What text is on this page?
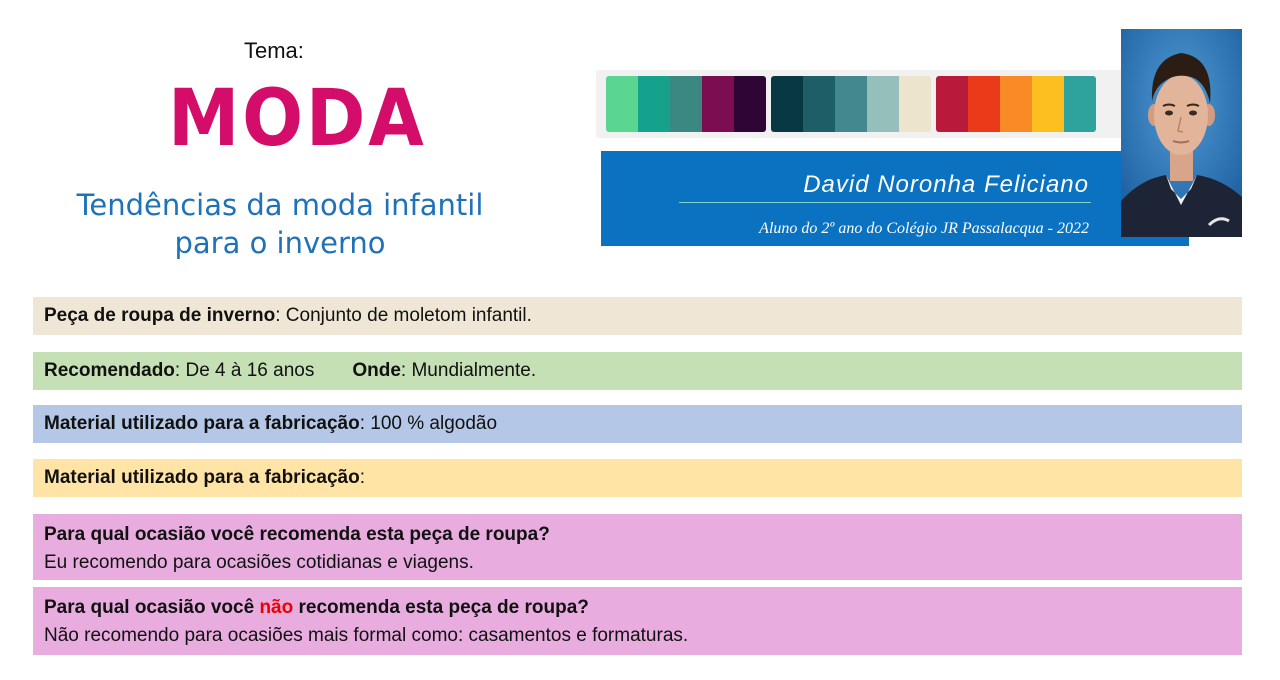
Tema:
MODA
Tendências da moda infantil
para o inverno
David Noronha Feliciano
Aluno do 2º ano do Colégio JR Passalacqua - 2022
Peça de roupa de inverno: Conjunto de moletom infantil.
Recomendado: De 4 à 16 anos Onde: Mundialmente.
Material utilizado para a fabricação: 100 % algodão
Material utilizado para a fabricação:
Para qual ocasião você recomenda esta peça de roupa?
Eu recomendo para ocasiões cotidianas e viagens.
Para qual ocasião você não recomenda esta peça de roupa?
Não recomendo para ocasiões mais formal como: casamentos e formaturas.
